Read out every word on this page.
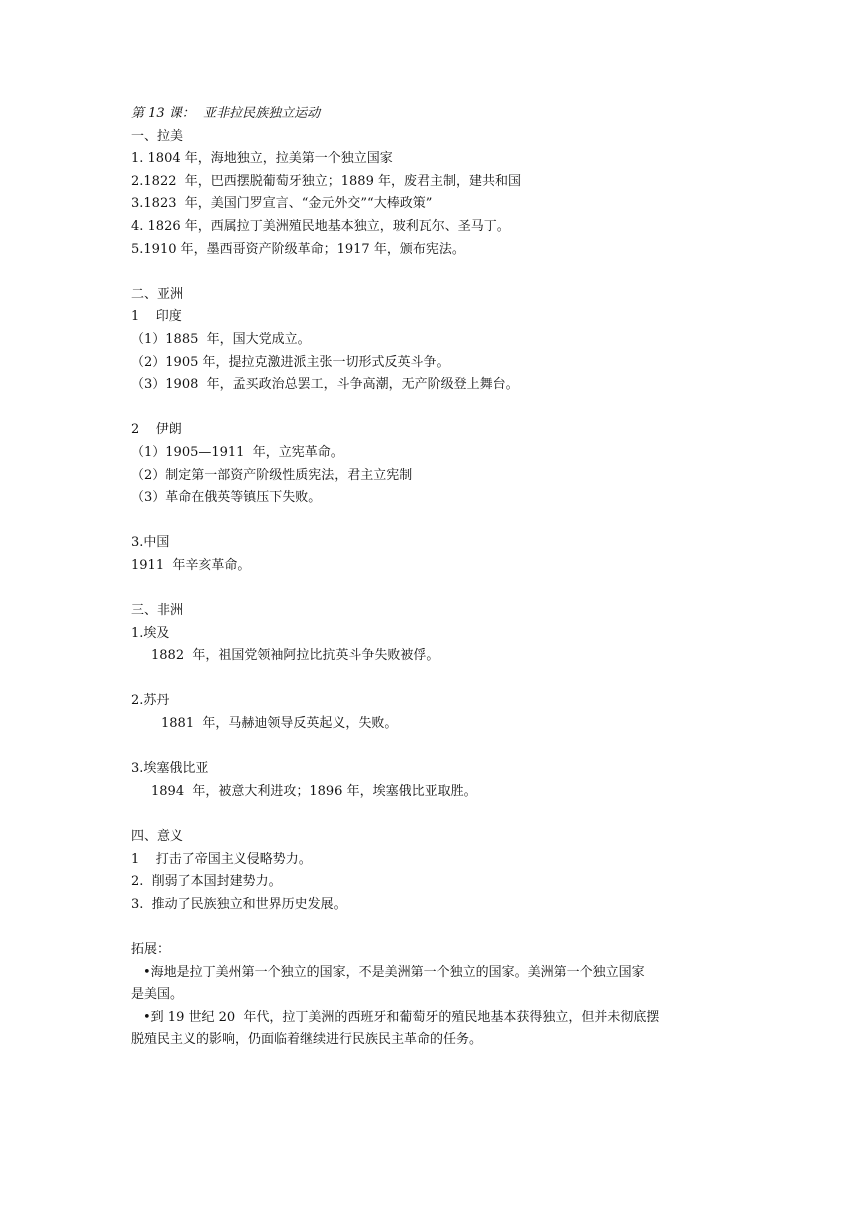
第 13 课：  亚非拉民族独立运动

一、拉美

1. 1804 年，海地独立，拉美第一个独立国家

2.1822  年，巴西摆脱葡萄牙独立；1889 年，废君主制，建共和国

3.1823  年，美国门罗宣言、“金元外交”“大棒政策”

4. 1826 年，西属拉丁美洲殖民地基本独立，玻利瓦尔、圣马丁。

5.1910 年，墨西哥资产阶级革命；1917 年，颁布宪法。

二、亚洲

1    印度

（1）1885  年，国大党成立。

（2）1905 年，提拉克激进派主张一切形式反英斗争。

（3）1908  年，孟买政治总罢工，斗争高潮，无产阶级登上舞台。

2    伊朗

（1）1905—1911  年，立宪革命。

（2）制定第一部资产阶级性质宪法，君主立宪制

（3）革命在俄英等镇压下失败。

3.中国

1911  年辛亥革命。

三、非洲

1.埃及

1882  年，祖国党领袖阿拉比抗英斗争失败被俘。

2.苏丹

1881  年，马赫迪领导反英起义，失败。

3.埃塞俄比亚

1894  年，被意大利进攻；1896 年，埃塞俄比亚取胜。

四、意义

1    打击了帝国主义侵略势力。

2.  削弱了本国封建势力。

3.  推动了民族独立和世界历史发展。

拓展：

•海地是拉丁美州第一个独立的国家，不是美洲第一个独立的国家。美洲第一个独立国家

是美国。

•到 19 世纪 20  年代，拉丁美洲的西班牙和葡萄牙的殖民地基本获得独立，但并未彻底摆

脱殖民主义的影响，仍面临着继续进行民族民主革命的任务。
